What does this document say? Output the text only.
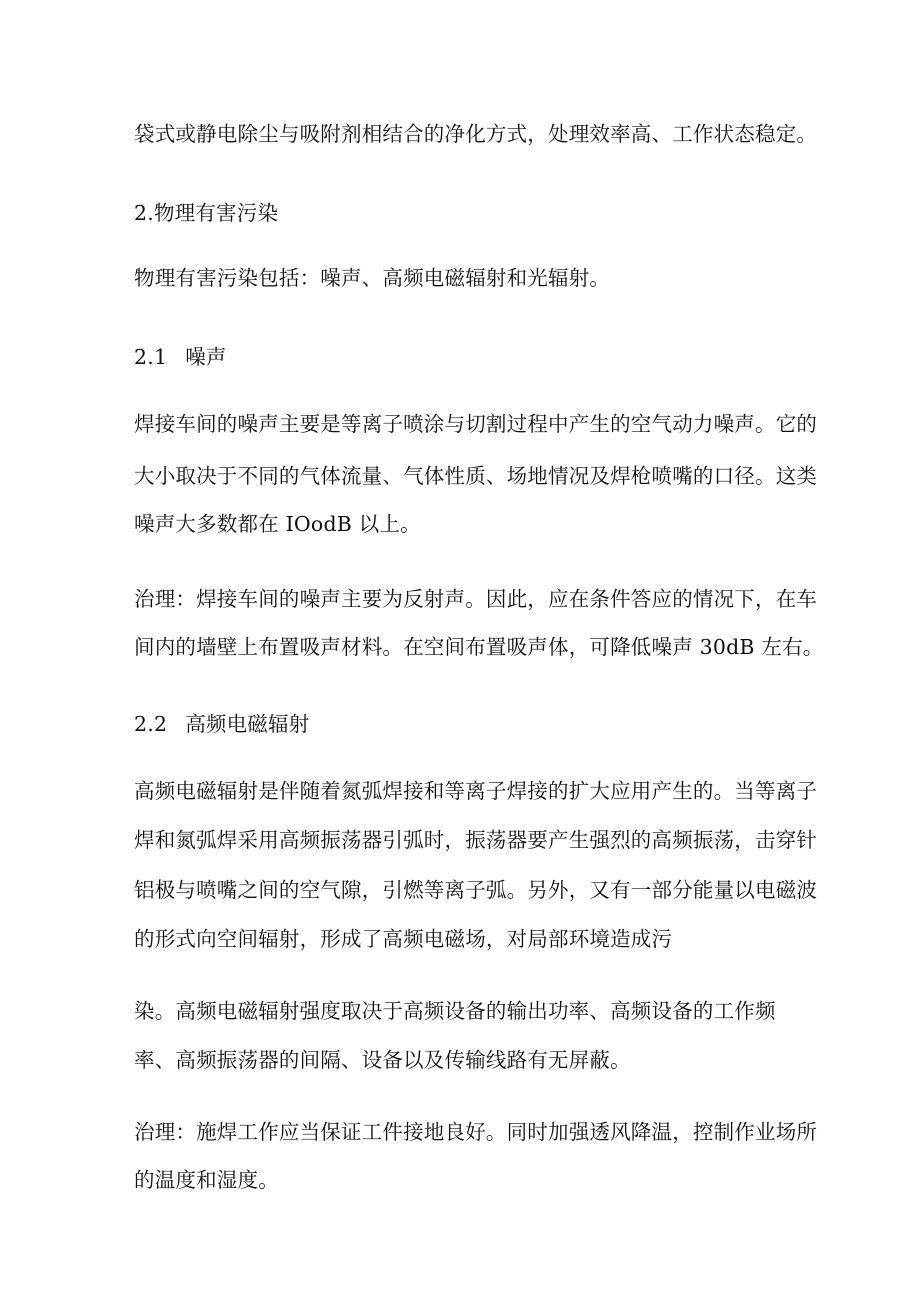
袋式或静电除尘与吸附剂相结合的净化方式，处理效率高、工作状态稳定。

2.物理有害污染

物理有害污染包括：噪声、高频电磁辐射和光辐射。

2.1 噪声

焊接车间的噪声主要是等离子喷涂与切割过程中产生的空气动力噪声。它的

大小取决于不同的气体流量、气体性质、场地情况及焊枪喷嘴的口径。这类

噪声大多数都在 IOodB 以上。

治理：焊接车间的噪声主要为反射声。因此，应在条件答应的情况下，在车

间内的墙壁上布置吸声材料。在空间布置吸声体，可降低噪声 30dB 左右。

2.2 高频电磁辐射

高频电磁辐射是伴随着氮弧焊接和等离子焊接的扩大应用产生的。当等离子

焊和氮弧焊采用高频振荡器引弧时，振荡器要产生强烈的高频振荡，击穿针

铝极与喷嘴之间的空气隙，引燃等离子弧。另外，又有一部分能量以电磁波

的形式向空间辐射，形成了高频电磁场，对局部环境造成污

染。高频电磁辐射强度取决于高频设备的输出功率、高频设备的工作频

率、高频振荡器的间隔、设备以及传输线路有无屏蔽。

治理：施焊工作应当保证工件接地良好。同时加强透风降温，控制作业场所

的温度和湿度。
